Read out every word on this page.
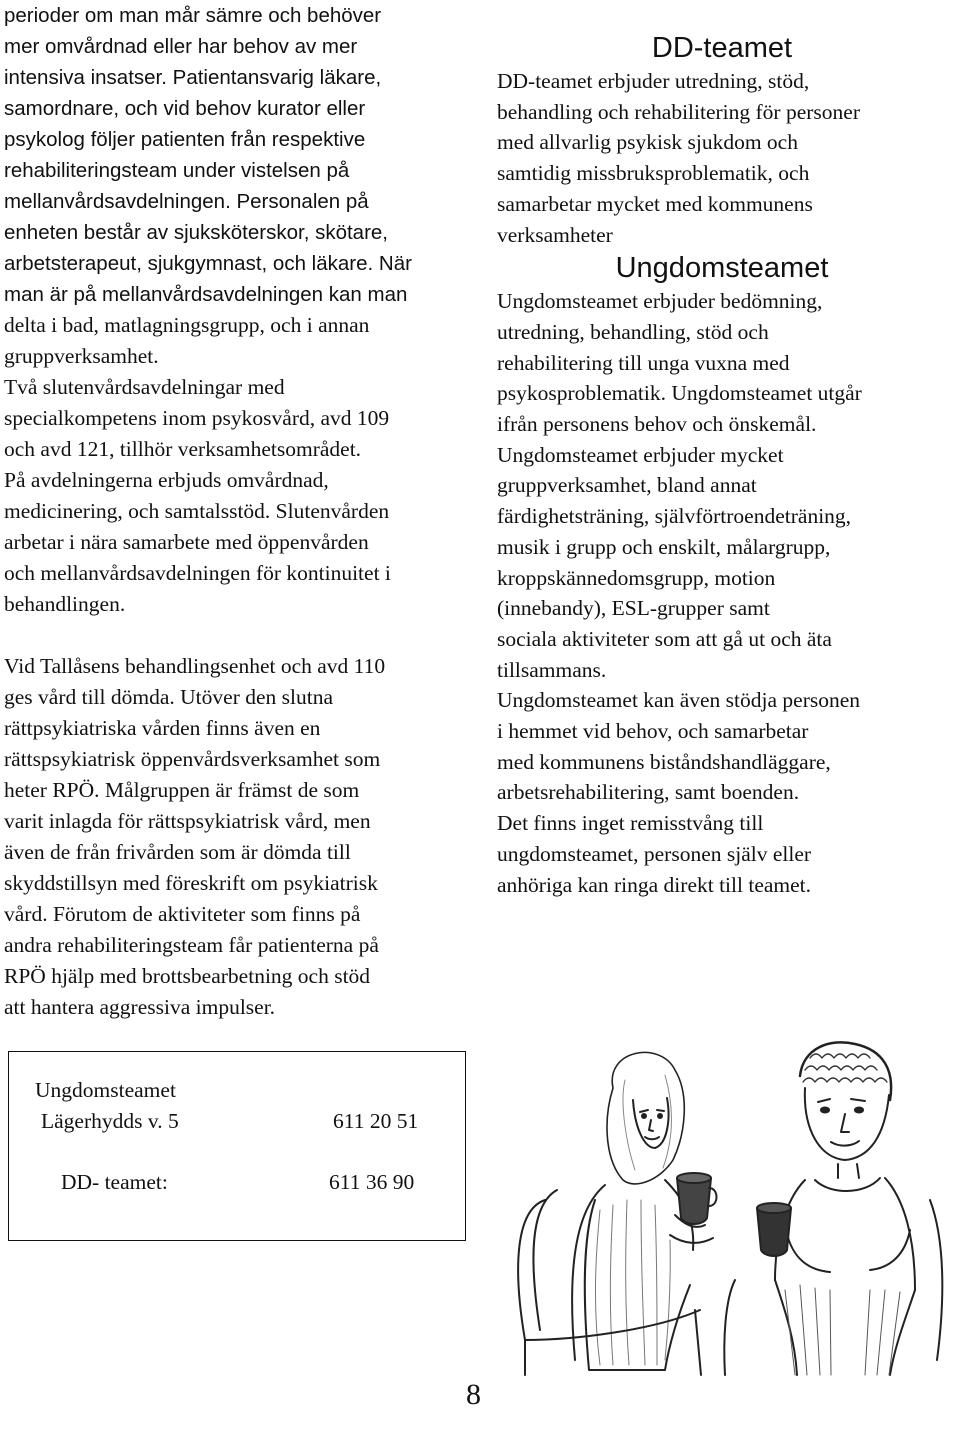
perioder om man mår sämre och behöver

mer omvårdnad eller har behov av mer

intensiva insatser. Patientansvarig läkare,

samordnare, och vid behov kurator eller

psykolog följer patienten från respektive

rehabiliteringsteam under vistelsen på

mellanvårdsavdelningen. Personalen på

enheten består av sjuksköterskor, skötare,

arbetsterapeut, sjukgymnast, och läkare. När

man är på mellanvårdsavdelningen kan man

delta i bad, matlagningsgrupp, och i annan

gruppverksamhet.

Två slutenvårdsavdelningar med

specialkompetens inom psykosvård, avd 109

och avd 121, tillhör verksamhetsområdet.

På avdelningerna erbjuds omvårdnad,

medicinering, och samtalsstöd. Slutenvården

arbetar i nära samarbete med öppenvården

och mellanvårdsavdelningen för kontinuitet i

behandlingen.

Vid Tallåsens behandlingsenhet och avd 110

ges vård till dömda. Utöver den slutna

rättpsykiatriska vården finns även en

rättspsykiatrisk öppenvårdsverksamhet som

heter RPÖ. Målgruppen är främst de som

varit inlagda för rättspsykiatrisk vård, men

även de från frivården som är dömda till

skyddstillsyn med föreskrift om psykiatrisk

vård. Förutom de aktiviteter som finns på

andra rehabiliteringsteam får patienterna på

RPÖ hjälp med brottsbearbetning och stöd

att hantera aggressiva impulser.

DD-teamet

DD-teamet erbjuder utredning, stöd,

behandling och rehabilitering för personer

med allvarlig psykisk sjukdom och

samtidig missbruksproblematik, och

samarbetar mycket med kommunens

verksamheter

Ungdomsteamet

Ungdomsteamet erbjuder bedömning,

utredning, behandling, stöd och

rehabilitering till unga vuxna med

psykosproblematik. Ungdomsteamet utgår

ifrån personens behov och önskemål.

Ungdomsteamet erbjuder mycket

gruppverksamhet, bland annat

färdighetsträning, självförtroendeträning,

musik i grupp och enskilt, målargrupp,

kroppskännedomsgrupp, motion

(innebandy), ESL-grupper samt

sociala aktiviteter som att gå ut och äta

tillsammans.

Ungdomsteamet kan även stödja personen

i hemmet vid behov, och samarbetar

med kommunens biståndshandläggare,

arbetsrehabilitering, samt boenden.

Det finns inget remisstvång till

ungdomsteamet, personen själv eller

anhöriga kan ringa direkt till teamet.

Ungdomsteamet
Lägerhydds v. 5	611 20 51
DD- teamet:	611 36 90
8
